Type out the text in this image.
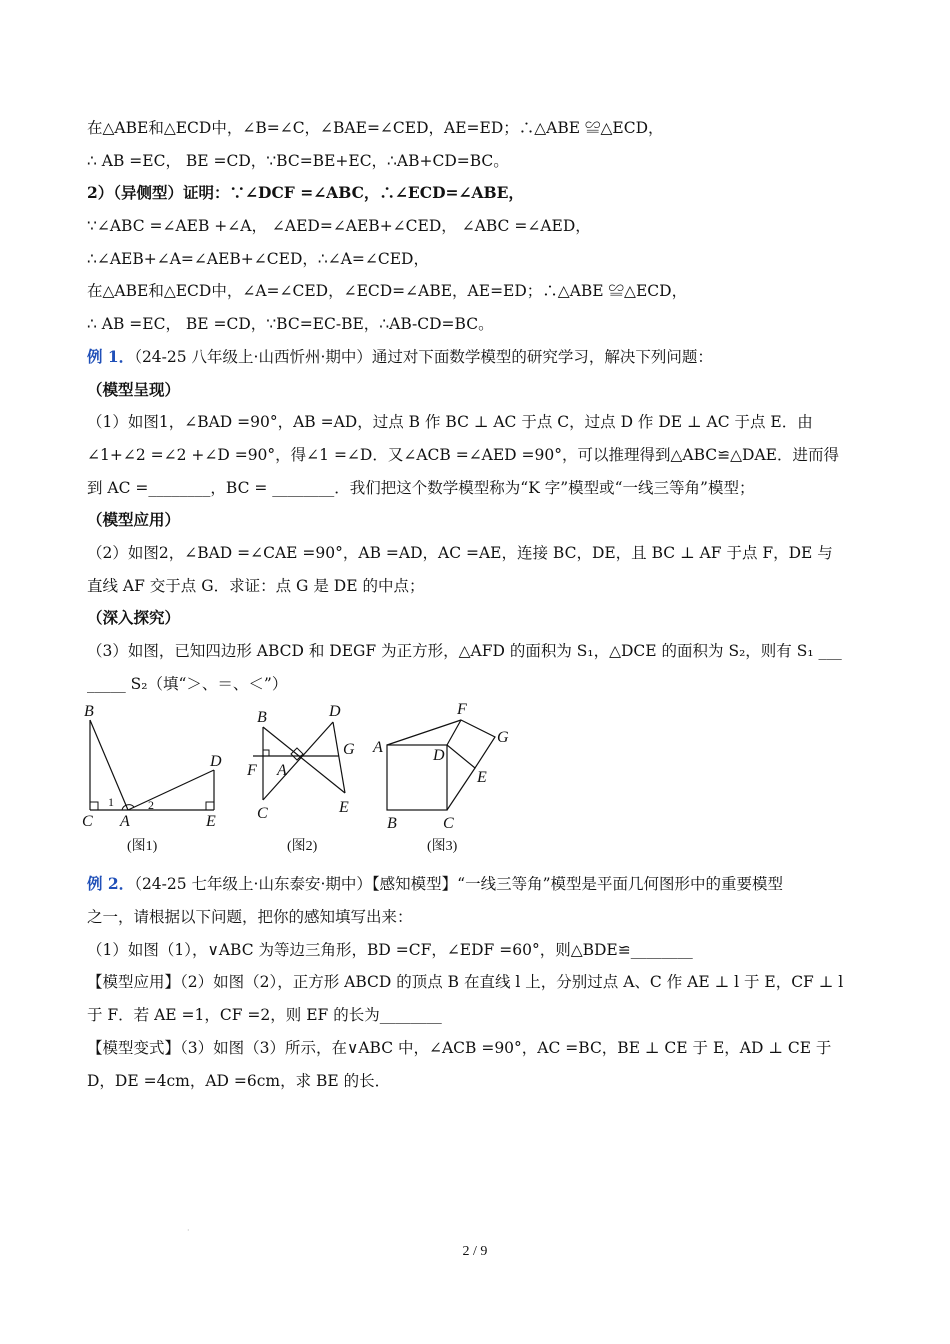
在△ABE和△ECD中，∠B=∠C，∠BAE=∠CED，AE=ED；∴△ABE ≌△ECD，
∴ AB =EC， BE =CD，∵BC=BE+EC，∴AB+CD=BC。
2）（异侧型）证明：∵∠DCF =∠ABC，∴∠ECD=∠ABE，
∵∠ABC =∠AEB +∠A， ∠AED=∠AEB+∠CED， ∠ABC =∠AED，
∴∠AEB+∠A=∠AEB+∠CED，∴∠A=∠CED，
在△ABE和△ECD中，∠A=∠CED，∠ECD=∠ABE，AE=ED；∴△ABE ≌△ECD，
∴ AB =EC， BE =CD，∵BC=EC-BE，∴AB-CD=BC。
例 1．（24-25 八年级上·山西忻州·期中）通过对下面数学模型的研究学习，解决下列问题：
（模型呈现）
（1）如图1，∠BAD =90°，AB =AD，过点 B 作 BC ⊥ AC 于点 C，过点 D 作 DE ⊥ AC 于点 E．由
∠1+∠2 =∠2 +∠D =90°，得∠1 =∠D．又∠ACB =∠AED =90°，可以推理得到△ABC≌△DAE．进而得
到 AC =________，BC = ________．我们把这个数学模型称为“K 字”模型或“一线三等角”模型；
（模型应用）
（2）如图2，∠BAD =∠CAE =90°，AB =AD，AC =AE，连接 BC，DE，且 BC ⊥ AF 于点 F，DE 与
直线 AF 交于点 G．求证：点 G 是 DE 的中点；
（深入探究）
（3）如图，已知四边形 ABCD 和 DEGF 为正方形，△AFD 的面积为 S₁，△DCE 的面积为 S₂，则有 S₁ ___
_____ S₂（填“＞、＝、＜”）
B
D
C A	E
1	2
(图1)
B	D
F A
G
C	E
(图2)
F
G
A	D
E
B	C
(图3)
例 2．（24-25 七年级上·山东泰安·期中）【感知模型】“一线三等角”模型是平面几何图形中的重要模型
之一，请根据以下问题，把你的感知填写出来：
（1）如图（1），∨ABC 为等边三角形，BD =CF，∠EDF =60°，则△BDE≌________
【模型应用】（2）如图（2），正方形 ABCD 的顶点 B 在直线 l 上，分别过点 A、C 作 AE ⊥ l 于 E，CF ⊥ l
于 F．若 AE =1，CF =2，则 EF 的长为________
【模型变式】（3）如图（3）所示，在∨ABC 中，∠ACB =90°，AC =BC，BE ⊥ CE 于 E，AD ⊥ CE 于
D，DE =4cm，AD =6cm，求 BE 的长．
·
2 / 9
